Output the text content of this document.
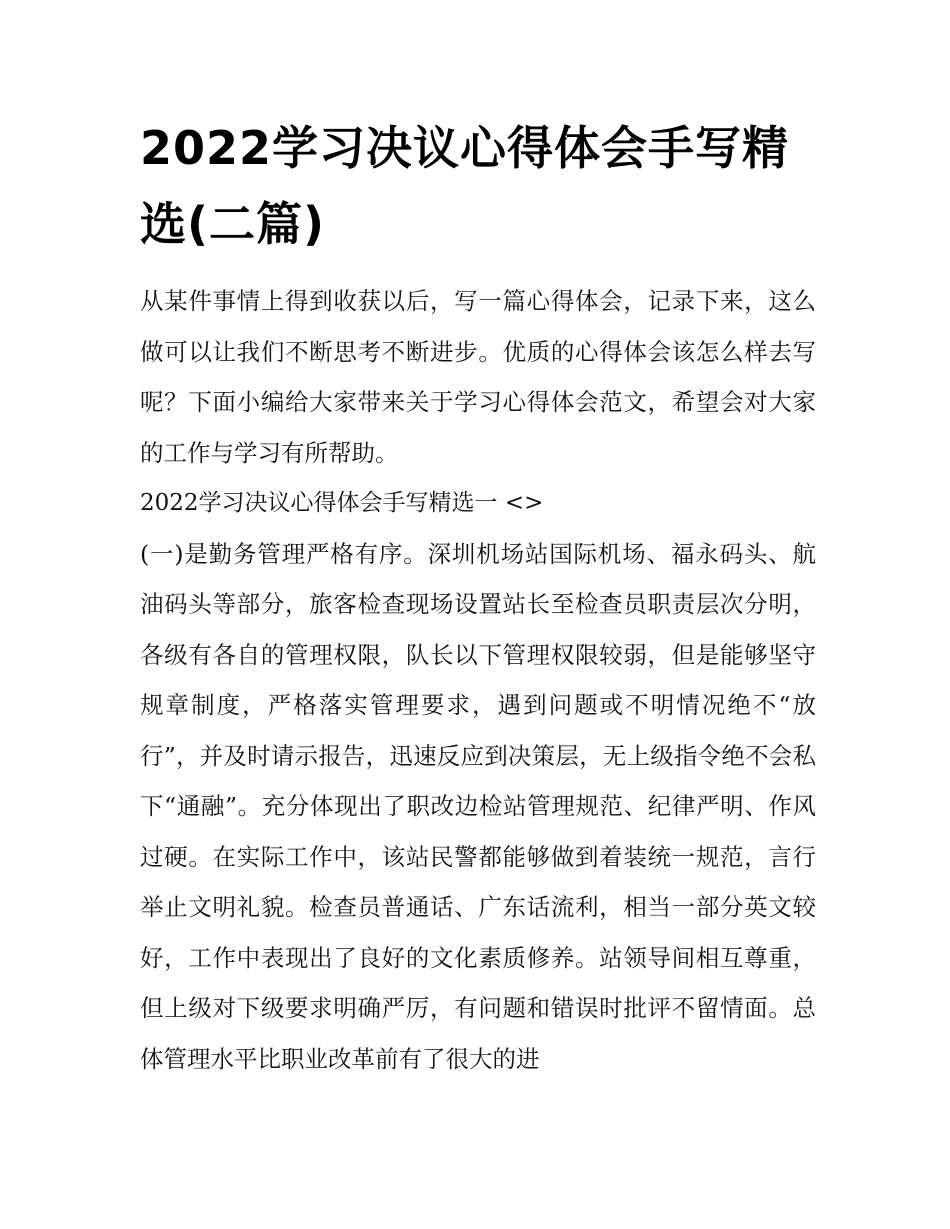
2022学习决议心得体会手写精选(二篇)

从某件事情上得到收获以后，写一篇心得体会，记录下来，这么做可以让我们不断思考不断进步。优质的心得体会该怎么样去写呢？下面小编给大家带来关于学习心得体会范文，希望会对大家的工作与学习有所帮助。

2022学习决议心得体会手写精选一 <>

(一)是勤务管理严格有序。深圳机场站国际机场、福永码头、航油码头等部分，旅客检查现场设置站长至检查员职责层次分明，各级有各自的管理权限，队长以下管理权限较弱，但是能够坚守规章制度，严格落实管理要求，遇到问题或不明情况绝不“放行”，并及时请示报告，迅速反应到决策层，无上级指令绝不会私下“通融”。充分体现出了职改边检站管理规范、纪律严明、作风过硬。在实际工作中，该站民警都能够做到着装统一规范，言行举止文明礼貌。检查员普通话、广东话流利，相当一部分英文较好，工作中表现出了良好的文化素质修养。站领导间相互尊重，但上级对下级要求明确严厉，有问题和错误时批评不留情面。总体管理水平比职业改革前有了很大的进
